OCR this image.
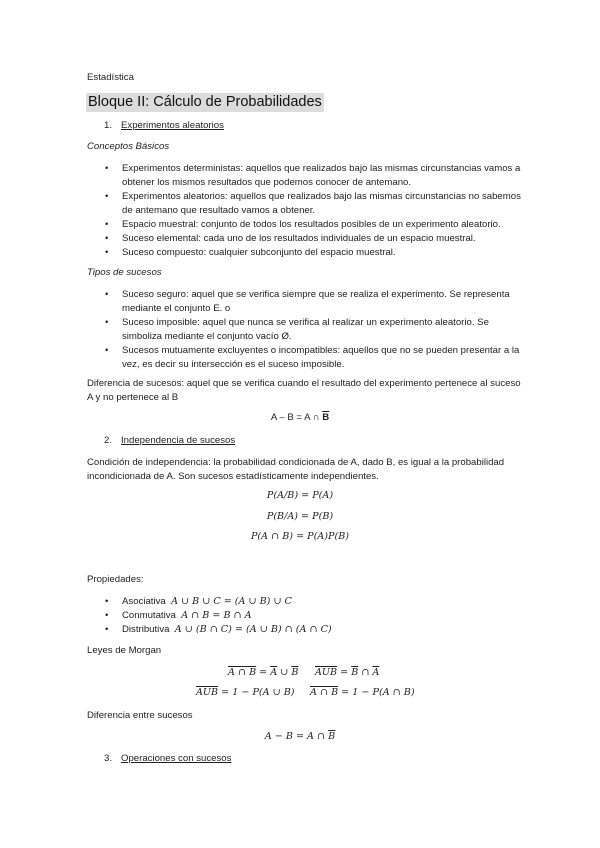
Estadística
Bloque II: Cálculo de Probabilidades
1. Experimentos aleatorios
Conceptos Básicos
• Experimentos deterministas: aquellos que realizados bajo las mismas circunstancias vamos a obtener los mismos resultados que podemos conocer de antemano.
• Experimentos aleatorios: aquellos que realizados bajo las mismas circunstancias no sabemos de antemano que resultado vamos a obtener.
• Espacio muestral: conjunto de todos los resultados posibles de un experimento aleatorio.
• Suceso elemental: cada uno de los resultados individuales de un espacio muestral.
• Suceso compuesto: cualquier subconjunto del espacio muestral.
Tipos de sucesos
• Suceso seguro: aquel que se verifica siempre que se realiza el experimento. Se representa mediante el conjunto E. o
• Suceso imposible: aquel que nunca se verifica al realizar un experimento aleatorio. Se simboliza mediante el conjunto vacío Ø.
• Sucesos mutuamente excluyentes o incompatibles: aquellos que no se pueden presentar a la vez, es decir su intersección es el suceso imposible.
Diferencia de sucesos: aquel que se verifica cuando el resultado del experimento pertenece al suceso A y no pertenece al B
A – B = A ∩ $\overline{B}$
2. Independencia de sucesos
Condición de independencia: la probabilidad condicionada de A, dado B, es igual a la probabilidad incondicionada de A. Son sucesos estadísticamente independientes.
P(A/B) = P(A)
P(B/A) = P(B)
P(A ∩ B) = P(A)P(B)
Propiedades:
• Asociativa A ∪ B ∪ C = (A ∪ B) ∪ C
• Conmutativa A ∩ B = B ∩ A
• Distributiva A ∪ (B ∩ C) = (A ∪ B) ∩ (A ∩ C)
Leyes de Morgan
A ∩ $B = \overline{A}$ ∪ $\overline{B}$ $\overline{AUB} = \overline{B}$ ∩ $\overline{A}$
$\overline{AUB} = 1 - P(A$ ∪ B) A ∩ B = 1 − P(A ∩ B)
Diferencia entre sucesos
A − B = A ∩ $\overline{B}$
3. Operaciones con sucesos
